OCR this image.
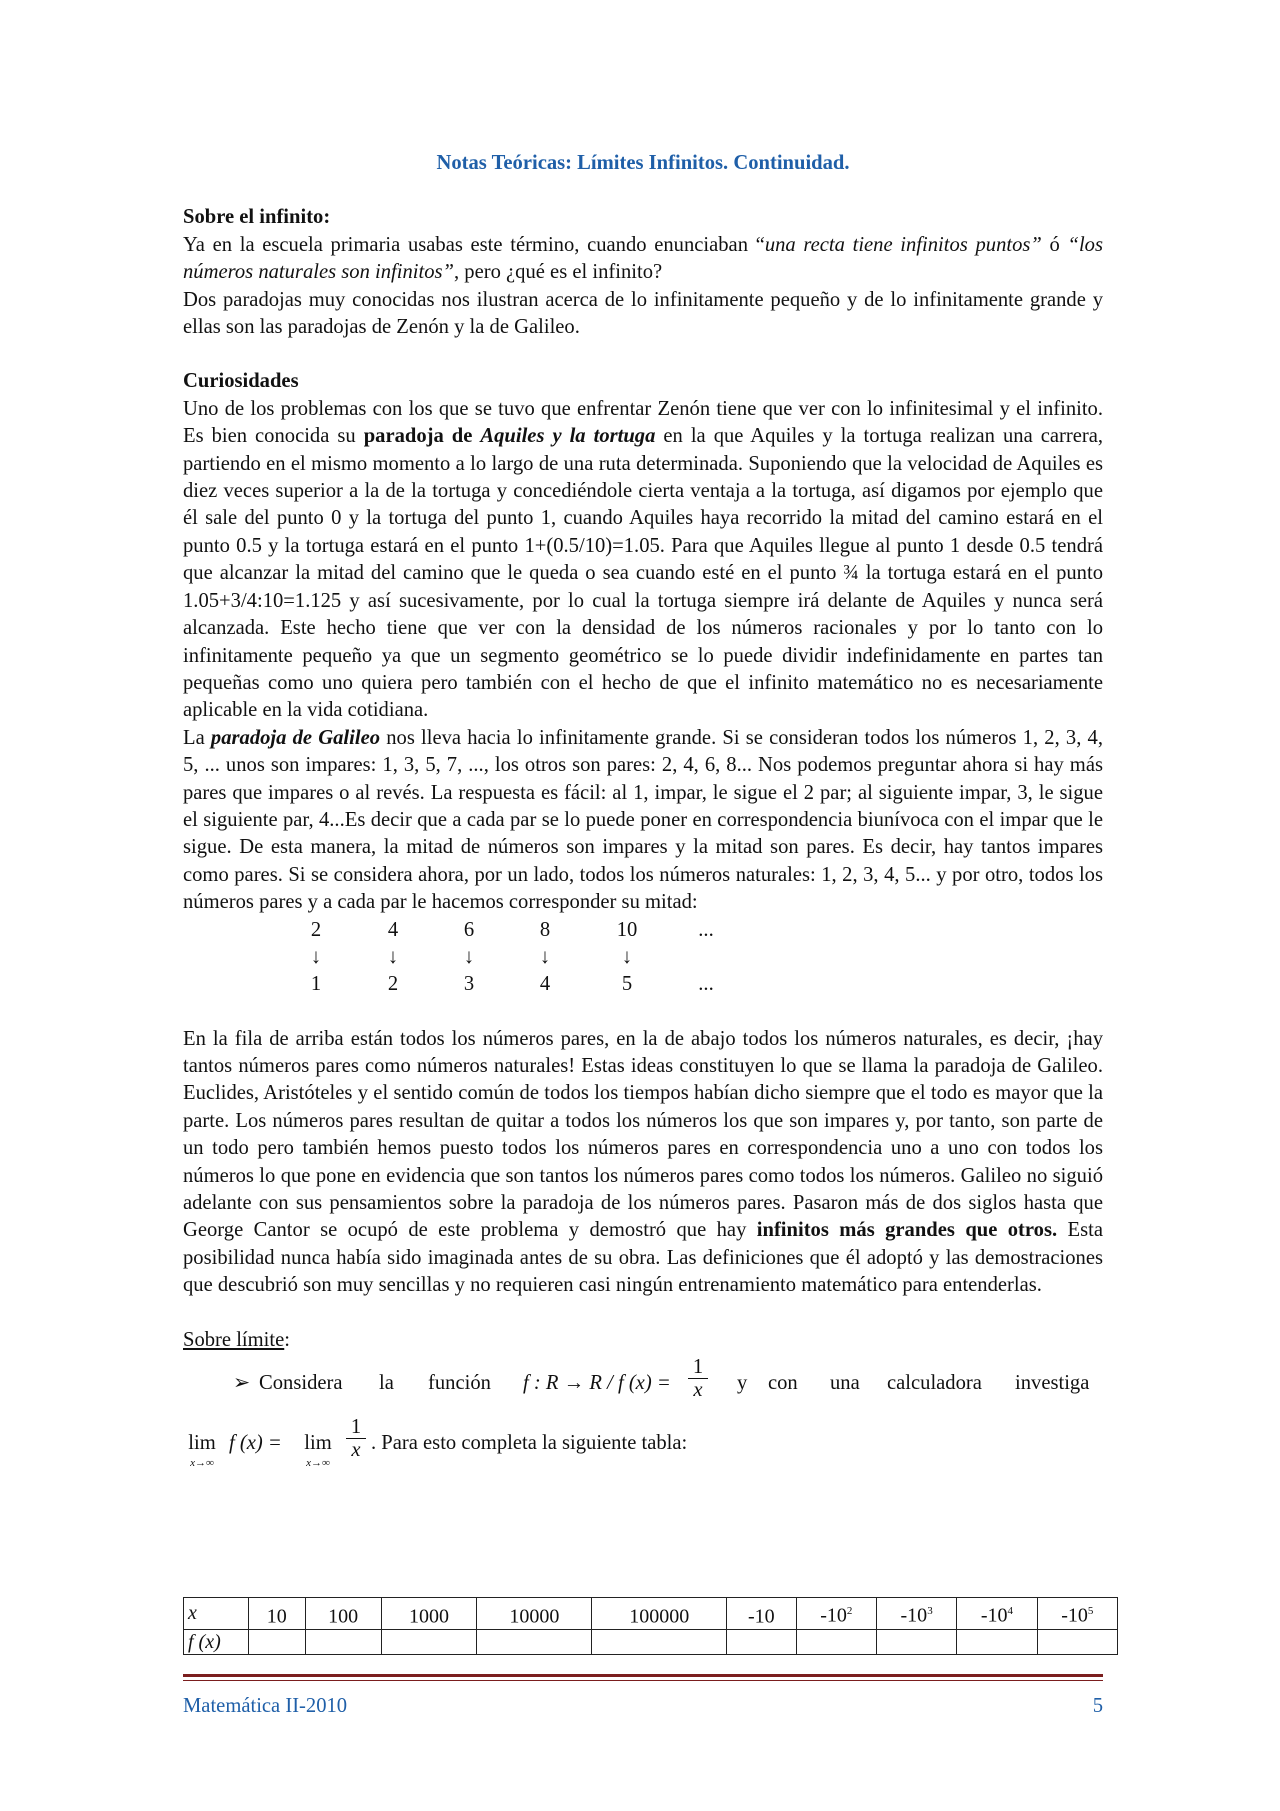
Notas Teóricas: Límites Infinitos. Continuidad.
Sobre el infinito:

Ya en la escuela primaria usabas este término, cuando enunciaban “una recta tiene infinitos puntos” ó “los números naturales son infinitos”, pero ¿qué es el infinito?

Dos paradojas muy conocidas nos ilustran acerca de lo infinitamente pequeño y de lo infinitamente grande y ellas son las paradojas de Zenón y la de Galileo.

Curiosidades

Uno de los problemas con los que se tuvo que enfrentar Zenón tiene que ver con lo infinitesimal y el infinito. Es bien conocida su paradoja de Aquiles y la tortuga en la que Aquiles y la tortuga realizan una carrera, partiendo en el mismo momento a lo largo de una ruta determinada. Suponiendo que la velocidad de Aquiles es diez veces superior a la de la tortuga y concediéndole cierta ventaja a la tortuga, así digamos por ejemplo que él sale del punto 0 y la tortuga del punto 1, cuando Aquiles haya recorrido la mitad del camino estará en el punto 0.5 y la tortuga estará en el punto 1+(0.5/10)=1.05. Para que Aquiles llegue al punto 1 desde 0.5 tendrá que alcanzar la mitad del camino que le queda o sea cuando esté en el punto ¾ la tortuga estará en el punto 1.05+3/4:10=1.125 y así sucesivamente, por lo cual la tortuga siempre irá delante de Aquiles y nunca será alcanzada. Este hecho tiene que ver con la densidad de los números racionales y por lo tanto con lo infinitamente pequeño ya que un segmento geométrico se lo puede dividir indefinidamente en partes tan pequeñas como uno quiera pero también con el hecho de que el infinito matemático no es necesariamente aplicable en la vida cotidiana.

La paradoja de Galileo nos lleva hacia lo infinitamente grande. Si se consideran todos los números 1, 2, 3, 4, 5, ... unos son impares: 1, 3, 5, 7, ..., los otros son pares: 2, 4, 6, 8... Nos podemos preguntar ahora si hay más pares que impares o al revés. La respuesta es fácil: al 1, impar, le sigue el 2 par; al siguiente impar, 3, le sigue el siguiente par, 4...Es decir que a cada par se lo puede poner en correspondencia biunívoca con el impar que le sigue. De esta manera, la mitad de números son impares y la mitad son pares. Es decir, hay tantos impares como pares. Si se considera ahora, por un lado, todos los números naturales: 1, 2, 3, 4, 5... y por otro, todos los números pares y a cada par le hacemos corresponder su mitad:

2	4	6	8	10	...
↓	↓	↓	↓	↓
1	2	3	4	5	...

En la fila de arriba están todos los números pares, en la de abajo todos los números naturales, es decir, ¡hay tantos números pares como números naturales! Estas ideas constituyen lo que se llama la paradoja de Galileo. Euclides, Aristóteles y el sentido común de todos los tiempos habían dicho siempre que el todo es mayor que la parte. Los números pares resultan de quitar a todos los números los que son impares y, por tanto, son parte de un todo pero también hemos puesto todos los números pares en correspondencia uno a uno con todos los números lo que pone en evidencia que son tantos los números pares como todos los números. Galileo no siguió adelante con sus pensamientos sobre la paradoja de los números pares. Pasaron más de dos siglos hasta que George Cantor se ocupó de este problema y demostró que hay infinitos más grandes que otros. Esta posibilidad nunca había sido imaginada antes de su obra. Las definiciones que él adoptó y las demostraciones que descubrió son muy sencillas y no requieren casi ningún entrenamiento matemático para entenderlas.

Sobre límite:
➢ Considera la función f : R → R / f $(x) = \frac{1}{x}$ y con una calculadora investiga
lim
x→∞
f (x) = lim
x→∞
$\frac{1}{x}$ . Para esto completa la siguiente tabla:
x	10	100	1000	10000	100000	-10	$-10^2$	$-10^3$	$-10^4$	$-10^5$
f (x)										
Matemática II-2010	5
